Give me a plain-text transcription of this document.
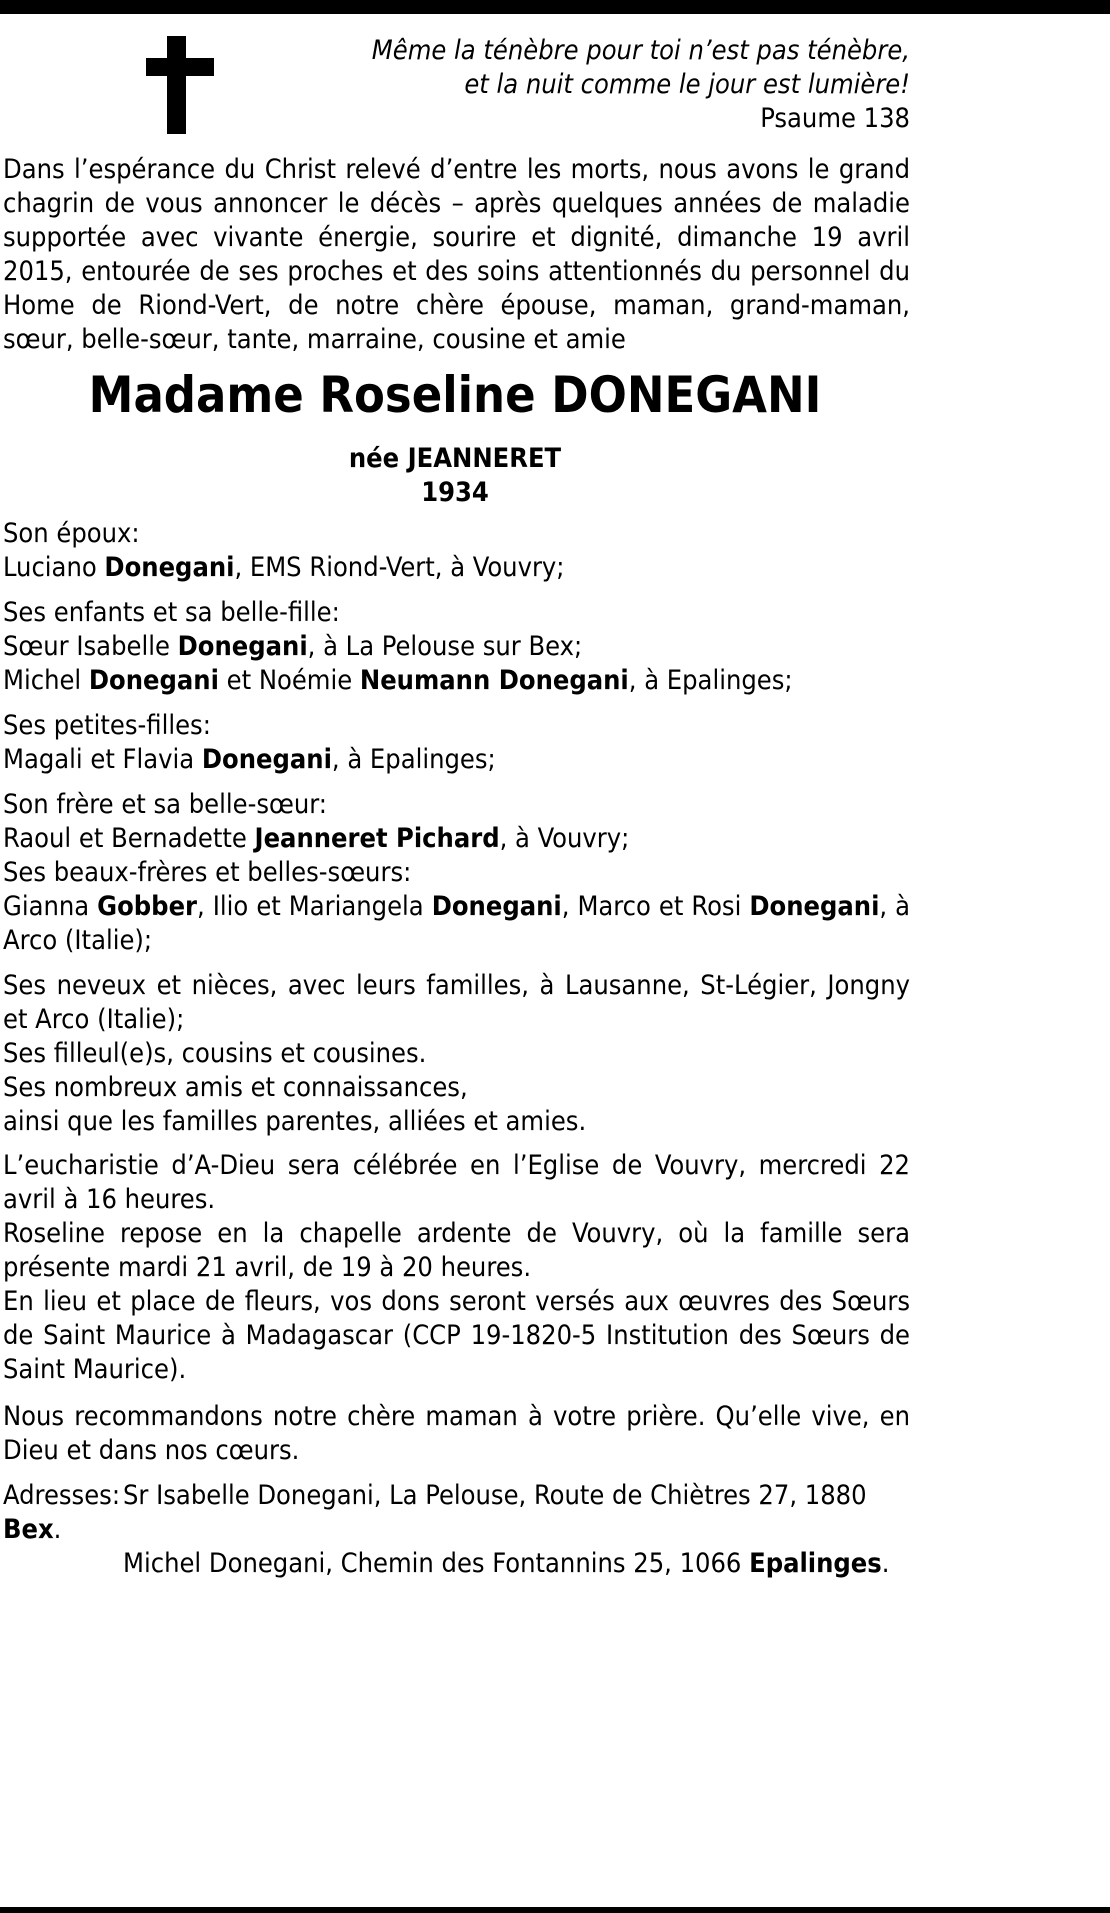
Même la ténèbre pour toi n’est pas ténèbre,
et la nuit comme le jour est lumière!
Psaume 138

Dans l’espérance du Christ relevé d’entre les morts, nous avons le grand chagrin de vous annoncer le décès – après quelques années de maladie supportée avec vivante énergie, sourire et dignité, dimanche 19 avril 2015, entourée de ses proches et des soins attentionnés du personnel du Home de Riond-Vert, de notre chère épouse, maman, grand-maman, sœur, belle-sœur, tante, marraine, cousine et amie

Madame Roseline DONEGANI
née JEANNERET
1934

Son époux:

Luciano Donegani, EMS Riond-Vert, à Vouvry;

Ses enfants et sa belle-fille:

Sœur Isabelle Donegani, à La Pelouse sur Bex;

Michel Donegani et Noémie Neumann Donegani, à Epalinges;

Ses petites-filles:

Magali et Flavia Donegani, à Epalinges;

Son frère et sa belle-sœur:

Raoul et Bernadette Jeanneret Pichard, à Vouvry;

Ses beaux-frères et belles-sœurs:

Gianna Gobber, Ilio et Mariangela Donegani, Marco et Rosi Donegani, à Arco (Italie);

Ses neveux et nièces, avec leurs familles, à Lausanne, St-Légier, Jongny et Arco (Italie);

Ses filleul(e)s, cousins et cousines.

Ses nombreux amis et connaissances,

ainsi que les familles parentes, alliées et amies.

L’eucharistie d’A-Dieu sera célébrée en l’Eglise de Vouvry, mercredi 22 avril à 16 heures.

Roseline repose en la chapelle ardente de Vouvry, où la famille sera présente mardi 21 avril, de 19 à 20 heures.

En lieu et place de fleurs, vos dons seront versés aux œuvres des Sœurs de Saint Maurice à Madagascar (CCP 19-1820-5 Institution des Sœurs de Saint Maurice).

Nous recommandons notre chère maman à votre prière. Qu’elle vive, en Dieu et dans nos cœurs.

Adresses: Sr Isabelle Donegani, La Pelouse, Route de Chiètres 27, 1880 Bex.
Michel Donegani, Chemin des Fontannins 25, 1066 Epalinges.
